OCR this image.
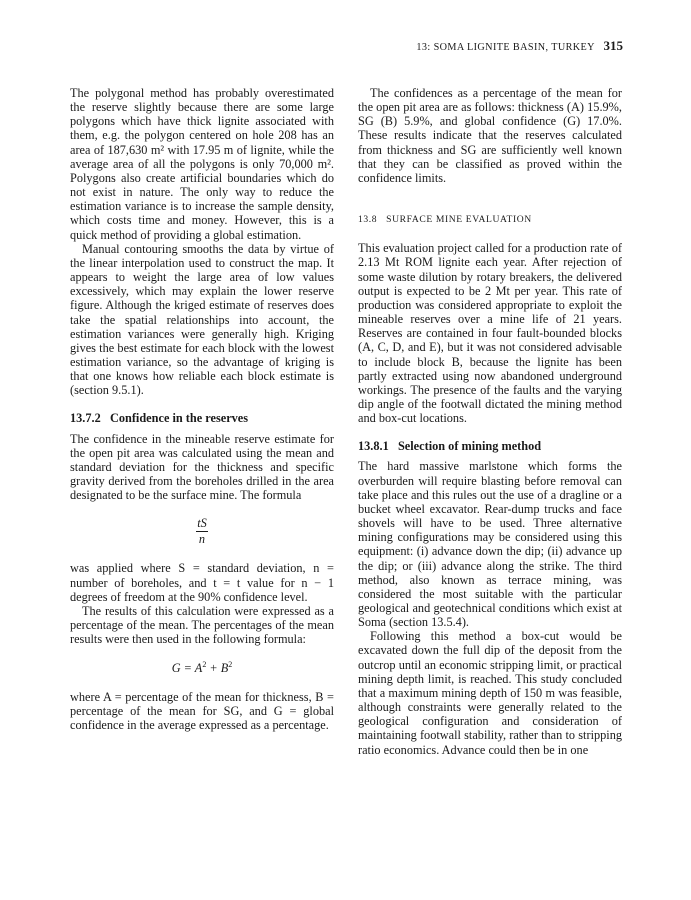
13: SOMA LIGNITE BASIN, TURKEY 315

The polygonal method has probably overestimated the reserve slightly because there are some large polygons which have thick lignite associated with them, e.g. the polygon centered on hole 208 has an area of 187,630 m² with 17.95 m of lignite, while the average area of all the polygons is only 70,000 m². Polygons also create artificial boundaries which do not exist in nature. The only way to reduce the estimation variance is to increase the sample density, which costs time and money. However, this is a quick method of providing a global estimation.

Manual contouring smooths the data by virtue of the linear interpolation used to construct the map. It appears to weight the large area of low values excessively, which may explain the lower reserve figure. Although the kriged estimate of reserves does take the spatial relationships into account, the estimation variances were generally high. Kriging gives the best estimate for each block with the lowest estimation variance, so the advantage of kriging is that one knows how reliable each block estimate is (section 9.5.1).

13.7.2   Confidence in the reserves

The confidence in the mineable reserve estimate for the open pit area was calculated using the mean and standard deviation for the thickness and specific gravity derived from the boreholes drilled in the area designated to be the surface mine. The formula

tS
n

was applied where S = standard deviation, n = number of boreholes, and t = t value for n − 1 degrees of freedom at the 90% confidence level.

The results of this calculation were expressed as a percentage of the mean. The percentages of the mean results were then used in the following formula:

$G = A^2 + B^2$

where A = percentage of the mean for thickness, B = percentage of the mean for SG, and G = global confidence in the average expressed as a percentage.

The confidences as a percentage of the mean for the open pit area are as follows: thickness (A) 15.9%, SG (B) 5.9%, and global confidence (G) 17.0%. These results indicate that the reserves calculated from thickness and SG are sufficiently well known that they can be classified as proved within the confidence limits.

13.8   SURFACE MINE EVALUATION

This evaluation project called for a production rate of 2.13 Mt ROM lignite each year. After rejection of some waste dilution by rotary breakers, the delivered output is expected to be 2 Mt per year. This rate of production was considered appropriate to exploit the mineable reserves over a mine life of 21 years. Reserves are contained in four fault-bounded blocks (A, C, D, and E), but it was not considered advisable to include block B, because the lignite has been partly extracted using now abandoned underground workings. The presence of the faults and the varying dip angle of the footwall dictated the mining method and box-cut locations.

13.8.1   Selection of mining method

The hard massive marlstone which forms the overburden will require blasting before removal can take place and this rules out the use of a dragline or a bucket wheel excavator. Rear-dump trucks and face shovels will have to be used. Three alternative mining configurations may be considered using this equipment: (i) advance down the dip; (ii) advance up the dip; or (iii) advance along the strike. The third method, also known as terrace mining, was considered the most suitable with the particular geological and geotechnical conditions which exist at Soma (section 13.5.4).

Following this method a box-cut would be excavated down the full dip of the deposit from the outcrop until an economic stripping limit, or practical mining depth limit, is reached. This study concluded that a maximum mining depth of 150 m was feasible, although constraints were generally related to the geological configuration and consideration of maintaining footwall stability, rather than to stripping ratio economics. Advance could then be in one
